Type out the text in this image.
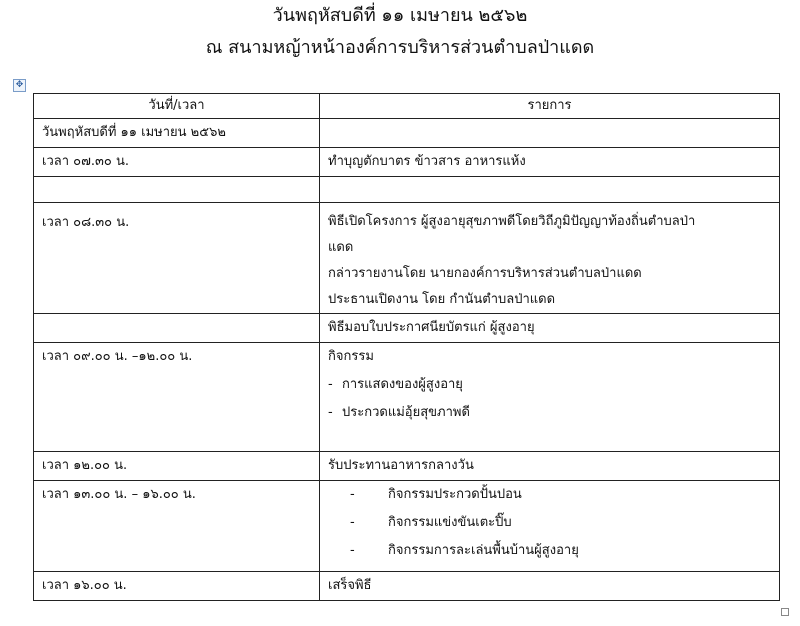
วันพฤหัสบดีที่ ๑๑ เมษายน ๒๕๖๒
ณ สนามหญ้าหน้าองค์การบริหารส่วนตำบลป่าแดด
✥
วันที่/เวลา	รายการ
วันพฤหัสบดีที่ ๑๑ เมษายน ๒๕๖๒	
เวลา ๐๗.๓๐ น.	ทำบุญตักบาตร ข้าวสาร อาหารแห้ง

เวลา ๐๘.๓๐ น.	พิธีเปิดโครงการ ผู้สูงอายุสุขภาพดีโดยวิถีภูมิปัญญาท้องถิ่นตำบลป่า
แดด
กล่าวรายงานโดย นายกองค์การบริหารส่วนตำบลป่าแดด
ประธานเปิดงาน โดย กำนันตำบลป่าแดด

	พิธีมอบใบประกาศนียบัตรแก่ ผู้สูงอายุ
เวลา ๐๙.๐๐ น. –๑๒.๐๐ น.	กิจกรรม
- การแสดงของผู้สูงอายุ
- ประกวดแม่อุ้ยสุขภาพดี

เวลา ๑๒.๐๐ น.	รับประทานอาหารกลางวัน
เวลา ๑๓.๐๐ น. – ๑๖.๐๐ น.	- กิจกรรมประกวดปั้นปอน
- กิจกรรมแข่งขันเตะปิ๊บ
- กิจกรรมการละเล่นพื้นบ้านผู้สูงอายุ

เวลา ๑๖.๐๐ น.	เสร็จพิธี
